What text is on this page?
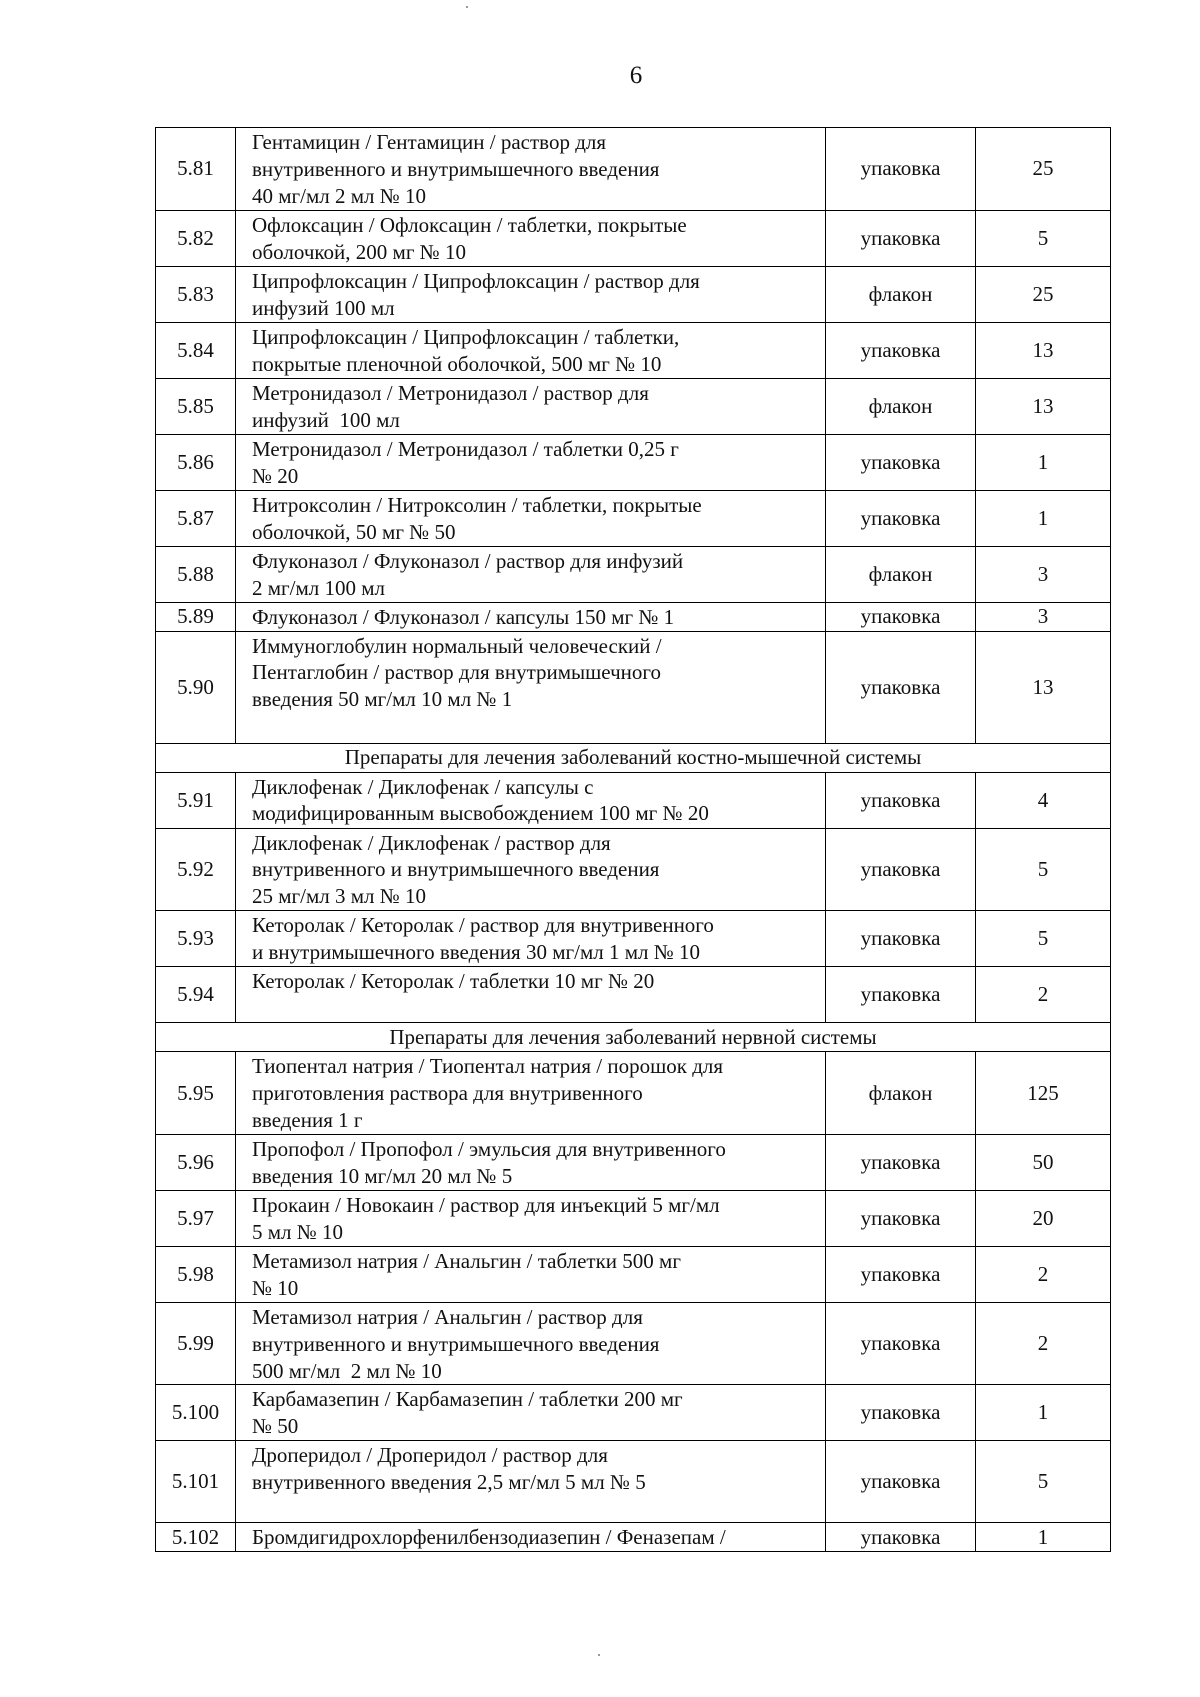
6
5.81	Гентамицин / Гентамицин / раствор для
внутривенного и внутримышечного введения
40 мг/мл 2 мл № 10	упаковка	25
5.82	Офлоксацин / Офлоксацин / таблетки, покрытые
оболочкой, 200 мг № 10	упаковка	5
5.83	Ципрофлоксацин / Ципрофлоксацин / раствор для
инфузий 100 мл	флакон	25
5.84	Ципрофлоксацин / Ципрофлоксацин / таблетки,
покрытые пленочной оболочкой, 500 мг № 10	упаковка	13
5.85	Метронидазол / Метронидазол / раствор для
инфузий  100 мл	флакон	13
5.86	Метронидазол / Метронидазол / таблетки 0,25 г
№ 20	упаковка	1
5.87	Нитроксолин / Нитроксолин / таблетки, покрытые
оболочкой, 50 мг № 50	упаковка	1
5.88	Флуконазол / Флуконазол / раствор для инфузий
2 мг/мл 100 мл	флакон	3
5.89	Флуконазол / Флуконазол / капсулы 150 мг № 1	упаковка	3
5.90	Иммуноглобулин нормальный человеческий /
Пентаглобин / раствор для внутримышечного
введения 50 мг/мл 10 мл № 1	упаковка	13
Препараты для лечения заболеваний костно-мышечной системы			
5.91	Диклофенак / Диклофенак / капсулы с
модифицированным высвобождением 100 мг № 20	упаковка	4
5.92	Диклофенак / Диклофенак / раствор для
внутривенного и внутримышечного введения
25 мг/мл 3 мл № 10	упаковка	5
5.93	Кеторолак / Кеторолак / раствор для внутривенного
и внутримышечного введения 30 мг/мл 1 мл № 10	упаковка	5
5.94	Кеторолак / Кеторолак / таблетки 10 мг № 20	упаковка	2
Препараты для лечения заболеваний нервной системы			
5.95	Тиопентал натрия / Тиопентал натрия / порошок для
приготовления раствора для внутривенного
введения 1 г	флакон	125
5.96	Пропофол / Пропофол / эмульсия для внутривенного
введения 10 мг/мл 20 мл № 5	упаковка	50
5.97	Прокаин / Новокаин / раствор для инъекций 5 мг/мл
5 мл № 10	упаковка	20
5.98	Метамизол натрия / Анальгин / таблетки 500 мг
№ 10	упаковка	2
5.99	Метамизол натрия / Анальгин / раствор для
внутривенного и внутримышечного введения
500 мг/мл  2 мл № 10	упаковка	2
5.100	Карбамазепин / Карбамазепин / таблетки 200 мг
№ 50	упаковка	1
5.101	Дроперидол / Дроперидол / раствор для
внутривенного введения 2,5 мг/мл 5 мл № 5	упаковка	5
5.102	Бромдигидрохлорфенилбензодиазепин / Феназепам /	упаковка	1
